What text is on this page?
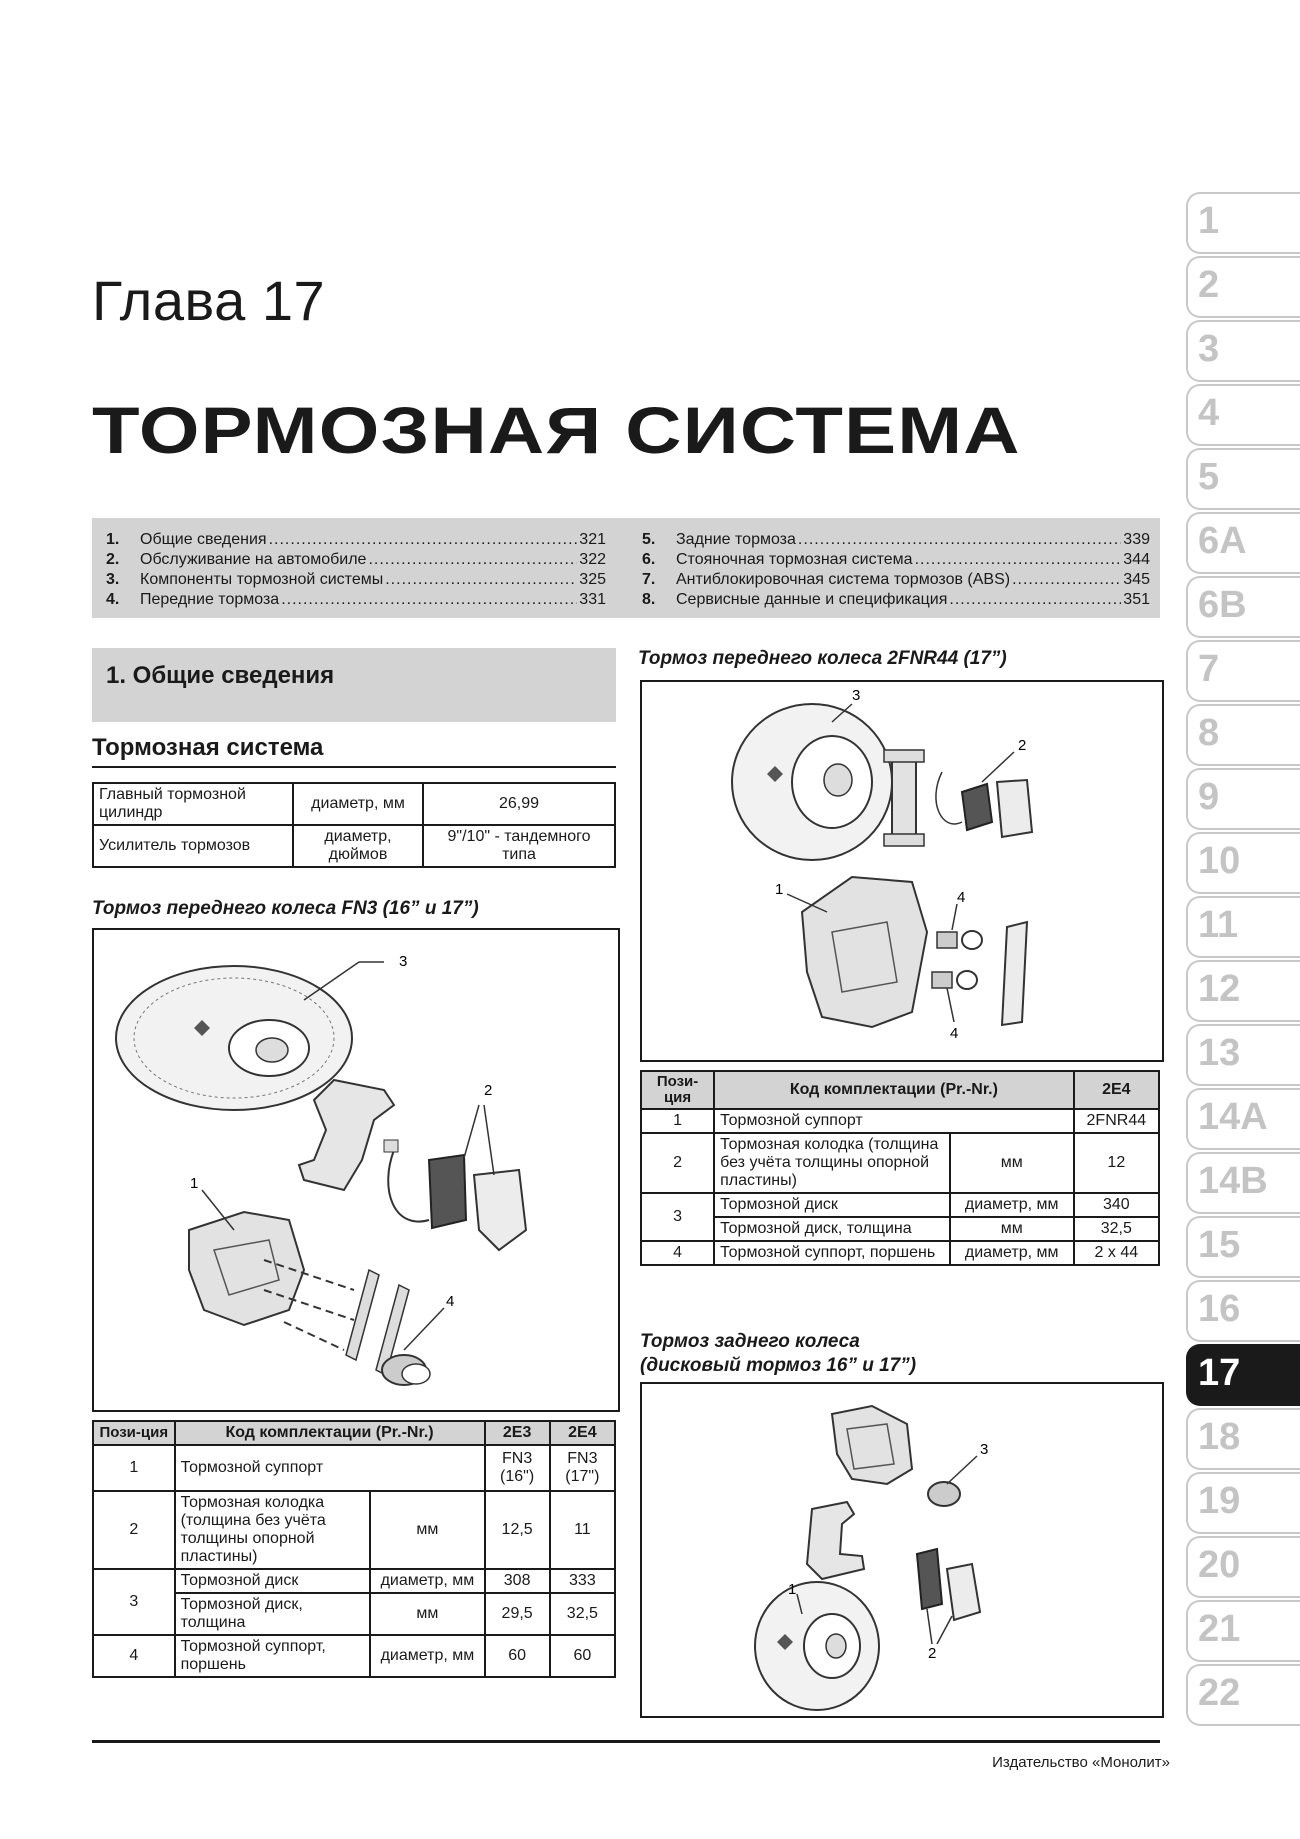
Глава 17
ТОРМОЗНАЯ СИСТЕМА
1.	Общие сведения .....	321
2.	Обслуживание на автомобиле .....	322
3.	Компоненты тормозной системы .....	325
4.	Передние тормоза .....	331
5.	Задние тормоза .....	339
6.	Стояночная тормозная система .....	344
7.	Антиблокировочная система тормозов (ABS) .....	345
8.	Сервисные данные и спецификация .....	351
1. Общие сведения
Тормозная система
Главный тормозной цилиндр	диаметр, мм	26,99
Усилитель тормозов	диаметр, дюймов	9"/10" - тандемного типа
Тормоз переднего колеса FN3 (16” и 17”)
3
2
1
4
Пози-ция	Код комплектации (Pr.-Nr.)		2E3	2E4
1	Тормозной суппорт		FN3 (16")	FN3 (17")
2	Тормозная колодка (толщина без учёта толщины опорной пластины)	мм	12,5	11
3	Тормозной диск	диаметр, мм	308	333
	Тормозной диск, толщина	мм	29,5	32,5
4	Тормозной суппорт, поршень	диаметр, мм	60	60
Тормоз переднего колеса 2FNR44 (17”)
3
2
1	4
4
Пози-ция	Код комплектации (Pr.-Nr.)		2E4
1	Тормозной суппорт		2FNR44
2	Тормозная колодка (толщина без учёта толщины опорной пластины)	мм	12
3	Тормозной диск	диаметр, мм	340
	Тормозной диск, толщина	мм	32,5
4	Тормозной суппорт, поршень	диаметр, мм	2 x 44
Тормоз заднего колеса
(дисковый тормоз 16” и 17”)
3
1
2
1
2
3
4
5
6A
6B
7
8
9
10
11
12
13
14A
14B
15
16
17
18
19
20
21
22
Издательство «Монолит»
